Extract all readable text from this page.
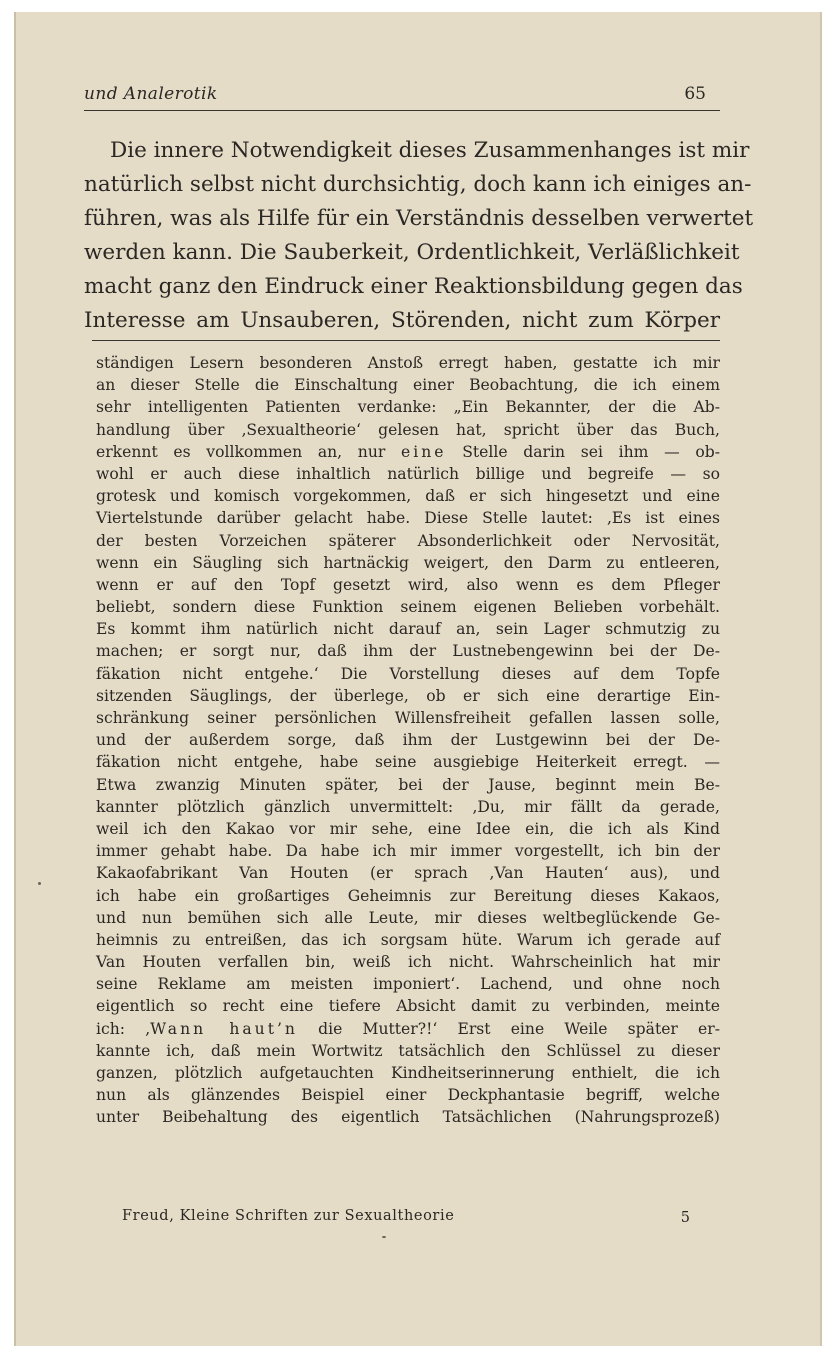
und Analerotik	65
Die innere Notwendigkeit dieses Zusammenhanges ist mir
natürlich selbst nicht durchsichtig, doch kann ich einiges an-
führen, was als Hilfe für ein Verständnis desselben verwertet
werden kann. Die Sauberkeit, Ordentlichkeit, Verläßlichkeit
macht ganz den Eindruck einer Reaktionsbildung gegen das
Interesse am Unsauberen, Störenden, nicht zum Körper
ständigen Lesern besonderen Anstoß erregt haben, gestatte ich mir
an dieser Stelle die Einschaltung einer Beobachtung, die ich einem
sehr intelligenten Patienten verdanke: „Ein Bekannter, der die Ab-
handlung über ‚Sexualtheorie‘ gelesen hat, spricht über das Buch,
erkennt es vollkommen an, nur eine Stelle darin sei ihm — ob-
wohl er auch diese inhaltlich natürlich billige und begreife — so
grotesk und komisch vorgekommen, daß er sich hingesetzt und eine
Viertelstunde darüber gelacht habe. Diese Stelle lautet: ‚Es ist eines
der besten Vorzeichen späterer Absonderlichkeit oder Nervosität,
wenn ein Säugling sich hartnäckig weigert, den Darm zu entleeren,
wenn er auf den Topf gesetzt wird, also wenn es dem Pfleger
beliebt, sondern diese Funktion seinem eigenen Belieben vorbehält.
Es kommt ihm natürlich nicht darauf an, sein Lager schmutzig zu
machen; er sorgt nur, daß ihm der Lustnebengewinn bei der De-
fäkation nicht entgehe.‘ Die Vorstellung dieses auf dem Topfe
sitzenden Säuglings, der überlege, ob er sich eine derartige Ein-
schränkung seiner persönlichen Willensfreiheit gefallen lassen solle,
und der außerdem sorge, daß ihm der Lustgewinn bei der De-
fäkation nicht entgehe, habe seine ausgiebige Heiterkeit erregt. —
Etwa zwanzig Minuten später, bei der Jause, beginnt mein Be-
kannter plötzlich gänzlich unvermittelt: ‚Du, mir fällt da gerade,
weil ich den Kakao vor mir sehe, eine Idee ein, die ich als Kind
immer gehabt habe. Da habe ich mir immer vorgestellt, ich bin der
Kakaofabrikant Van Houten (er sprach ‚Van Hauten‘ aus), und
ich habe ein großartiges Geheimnis zur Bereitung dieses Kakaos,
und nun bemühen sich alle Leute, mir dieses weltbeglückende Ge-
heimnis zu entreißen, das ich sorgsam hüte. Warum ich gerade auf
Van Houten verfallen bin, weiß ich nicht. Wahrscheinlich hat mir
seine Reklame am meisten imponiert‘. Lachend, und ohne noch
eigentlich so recht eine tiefere Absicht damit zu verbinden, meinte
ich: ‚Wann haut’n die Mutter?!‘ Erst eine Weile später er-
kannte ich, daß mein Wortwitz tatsächlich den Schlüssel zu dieser
ganzen, plötzlich aufgetauchten Kindheitserinnerung enthielt, die ich
nun als glänzendes Beispiel einer Deckphantasie begriff, welche
unter Beibehaltung des eigentlich Tatsächlichen (Nahrungsprozeß)
Freud, Kleine Schriften zur Sexualtheorie	5
